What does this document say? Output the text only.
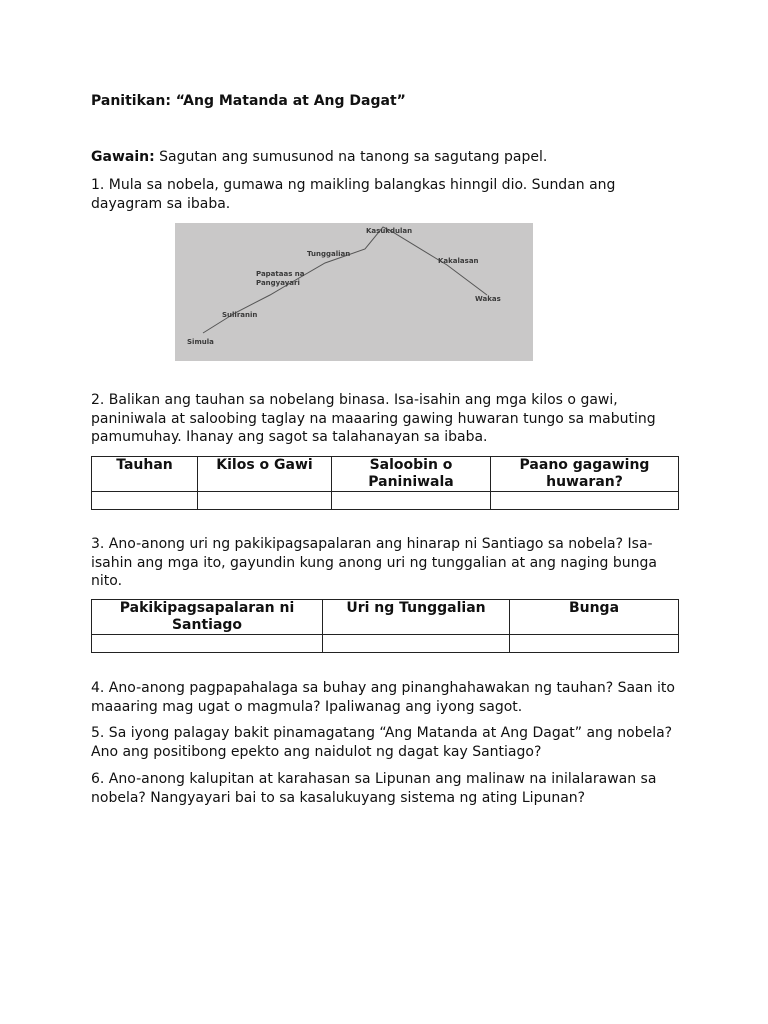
Panitikan: “Ang Matanda at Ang Dagat”
Gawain: Sagutan ang sumusunod na tanong sa sagutang papel.
1. Mula sa nobela, gumawa ng maikling balangkas hinngil dio. Sundan ang dayagram sa ibaba.
Simula
Suliranin
Papataas na
Pangyayari
Tunggalian
Kasukdulan
Kakalasan
Wakas
2. Balikan ang tauhan sa nobelang binasa. Isa-isahin ang mga kilos o gawi, paniniwala at saloobing taglay na maaaring gawing huwaran tungo sa mabuting pamumuhay. Ihanay ang sagot sa talahanayan sa ibaba.
Tauhan	Kilos o Gawi	Saloobin o Paniniwala	Paano gagawing huwaran?

3. Ano-anong uri ng pakikipagsapalaran ang hinarap ni Santiago sa nobela? Isa-isahin ang mga ito, gayundin kung anong uri ng tunggalian at ang naging bunga nito.
Pakikipagsapalaran ni Santiago	Uri ng Tunggalian	Bunga

4. Ano-anong pagpapahalaga sa buhay ang pinanghahawakan ng tauhan? Saan ito maaaring mag ugat o magmula? Ipaliwanag ang iyong sagot.
5. Sa iyong palagay bakit pinamagatang “Ang Matanda at Ang Dagat” ang nobela? Ano ang positibong epekto ang naidulot ng dagat kay Santiago?
6. Ano-anong kalupitan at karahasan sa Lipunan ang malinaw na inilalarawan sa nobela? Nangyayari bai to sa kasalukuyang sistema ng ating Lipunan?
